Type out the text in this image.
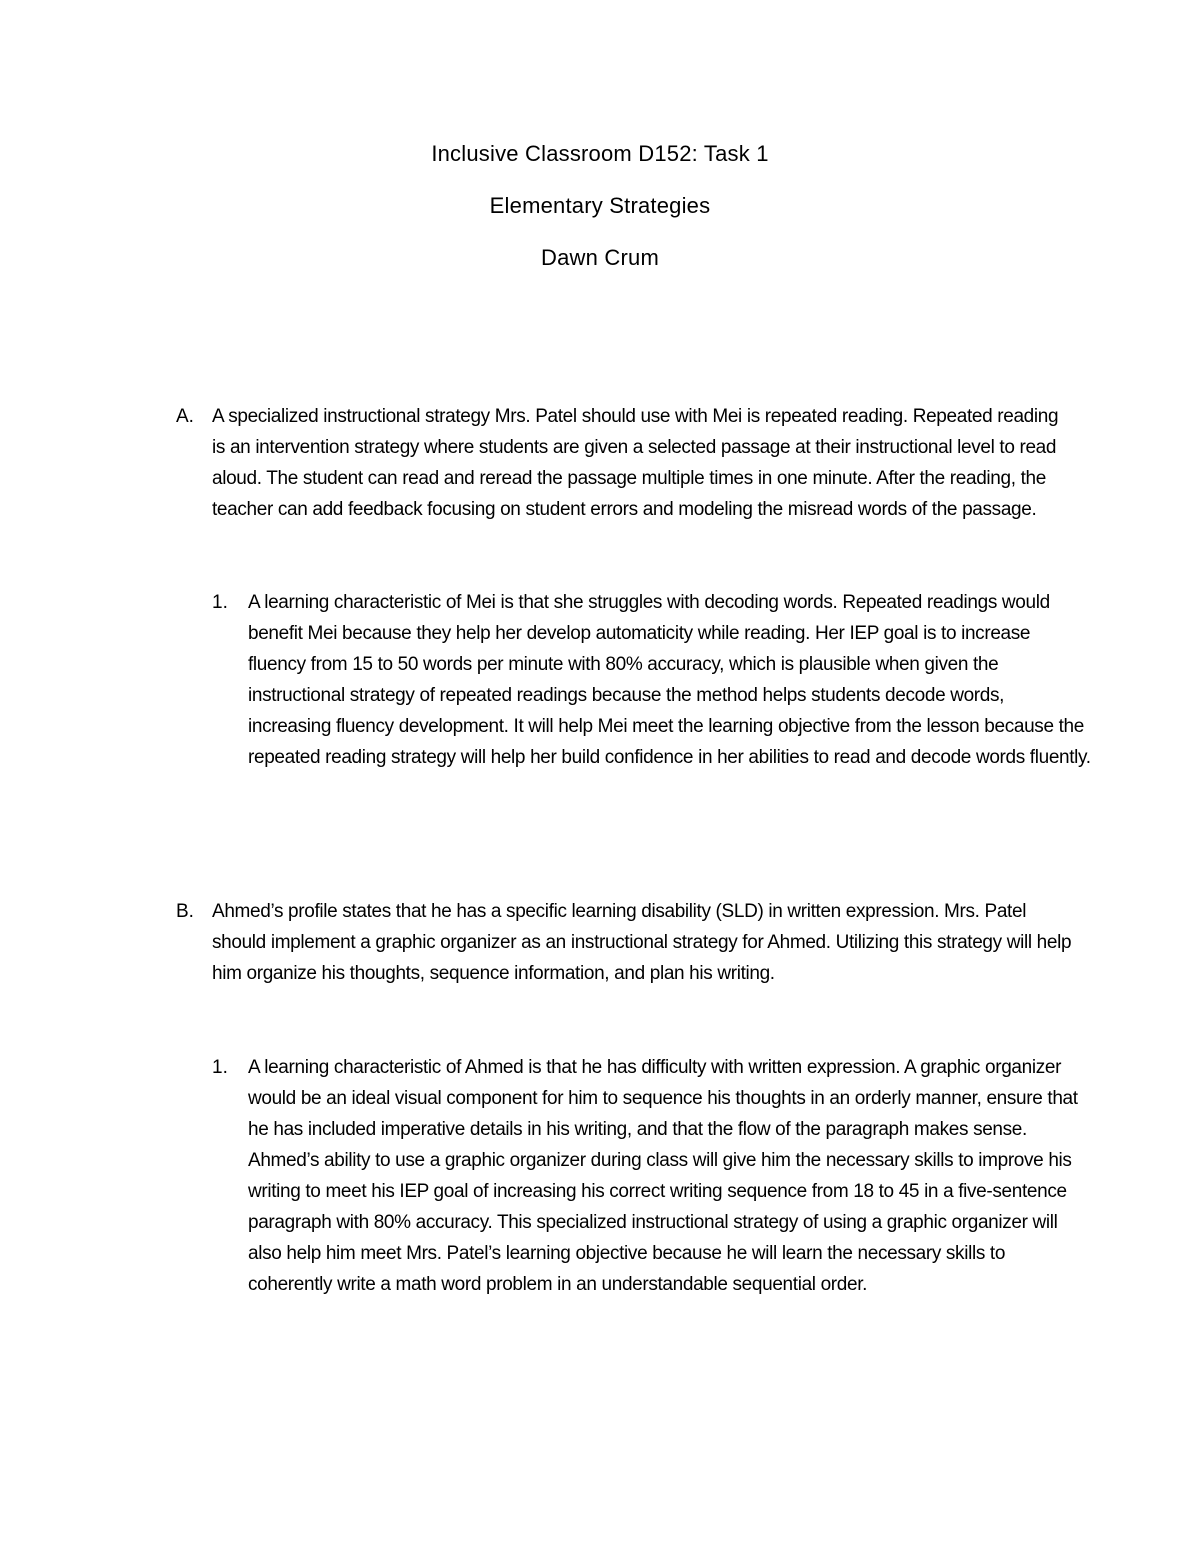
Inclusive Classroom D152: Task 1
Elementary Strategies
Dawn Crum
A. A specialized instructional strategy Mrs. Patel should use with Mei is repeated reading. Repeated reading is an intervention strategy where students are given a selected passage at their instructional level to read aloud. The student can read and reread the passage multiple times in one minute. After the reading, the teacher can add feedback focusing on student errors and modeling the misread words of the passage.
1. A learning characteristic of Mei is that she struggles with decoding words. Repeated readings would benefit Mei because they help her develop automaticity while reading. Her IEP goal is to increase fluency from 15 to 50 words per minute with 80% accuracy, which is plausible when given the instructional strategy of repeated readings because the method helps students decode words, increasing fluency development. It will help Mei meet the learning objective from the lesson because the repeated reading strategy will help her build confidence in her abilities to read and decode words fluently.
B. Ahmed’s profile states that he has a specific learning disability (SLD) in written expression. Mrs. Patel should implement a graphic organizer as an instructional strategy for Ahmed. Utilizing this strategy will help him organize his thoughts, sequence information, and plan his writing.
1. A learning characteristic of Ahmed is that he has difficulty with written expression. A graphic organizer would be an ideal visual component for him to sequence his thoughts in an orderly manner, ensure that he has included imperative details in his writing, and that the flow of the paragraph makes sense. Ahmed’s ability to use a graphic organizer during class will give him the necessary skills to improve his writing to meet his IEP goal of increasing his correct writing sequence from 18 to 45 in a five-sentence paragraph with 80% accuracy. This specialized instructional strategy of using a graphic organizer will also help him meet Mrs. Patel’s learning objective because he will learn the necessary skills to coherently write a math word problem in an understandable sequential order.
